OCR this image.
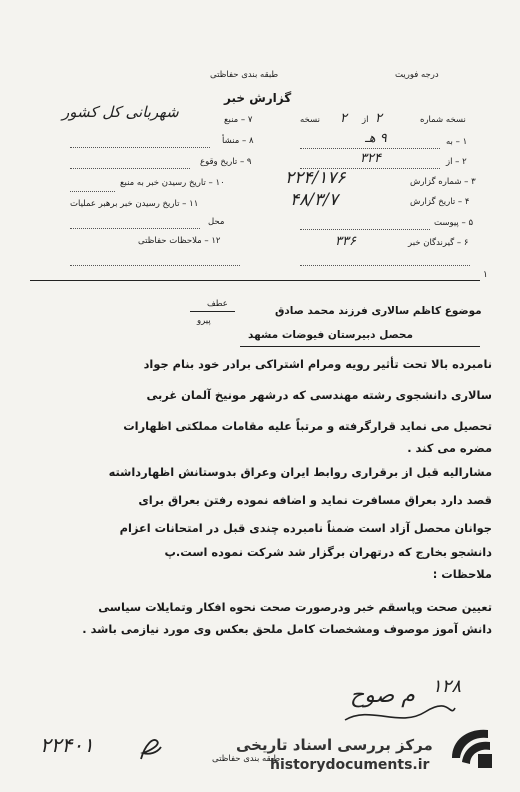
درجه فوریت
طبقه بندی حفاظتی
گزارش خبر
شهربانی کل کشور	نسخه شماره
۲
از
۲
نسخه
۱ – به
۹ هـ
۲ – از
۳۲۴
۳ – شماره گزارش
۲۲۴/۱۷۶
۴ – تاریخ گزارش
۴۸/۳/۷
۵ – پیوست
۶ – گیرندگان خبر
۳۳۶
۷ – منبع
۸ – منشأ
۹ – تاریخ وقوع
۱۰ – تاریخ رسیدن خبر به منبع
۱۱ – تاریخ رسیدن خبر برهبر عملیات
محل
۱۲ – ملاحظات حفاظتی
۱
عطف
پیرو
موضوع کاظم سالاری فرزند محمد صادق
محصل دبیرستان فیوضات مشهد
نامبرده بالا تحت تأثیر رویه ومرام اشتراکی برادر خود بنام جواد
سالاری دانشجوی رشته مهندسی که درشهر مونیخ آلمان غربی
تحصیل می نماید قرارگرفته و مرتباً علیه مقامات مملکتی اظهارات
مضره می کند .
مشارالیه قبل از برقراری روابط ایران وعراق بدوستانش اظهارداشته
قصد دارد بعراق مسافرت نماید و اضافه نموده رفتن بعراق برای
جوانان محصل آزاد است ضمناً نامبرده چندی قبل در امتحانات اعزام
دانشجو بخارج که درتهران برگزار شد شرکت نموده است.پ
ملاحظات :
تعیین صحت وپاسقم خبر ودرصورت صحت نحوه افکار وتمایلات سیاسی
دانش آموز موصوف ومشخصات کامل ملحق بعکس وی مورد نیازمی باشد .
۱۲۸
م صوح
۲۲۴۰۱
طبقه بندی حفاظتی
مرکز بررسی اسناد تاریخی
historydocuments.ir
